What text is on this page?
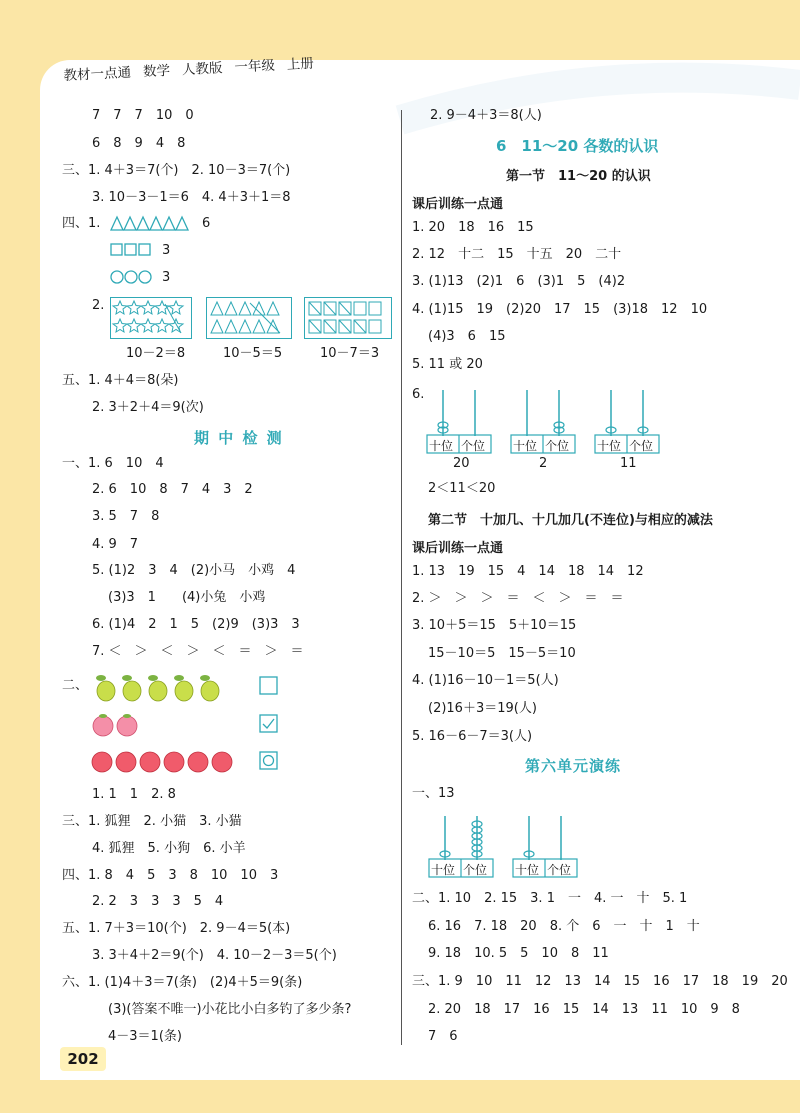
教材一点通 数学 人教版 一年级 上册
7　7　7　10　0
6　8　9　4　8
三、1. 4＋3＝7(个)　2. 10－3＝7(个)
3. 10－3－1＝6　4. 4＋3＋1＝8
四、1.	6
3
3
2.
10－2＝8	10－5＝5	10－7＝3
五、1. 4＋4＝8(朵)
2. 3＋2＋4＝9(次)
期 中 检 测
一、1. 6　10　4
2. 6　10　8　7　4　3　2
3. 5　7　8
4. 9　7
5. (1)2　3　4　(2)小马　小鸡　4
(3)3　1　　(4)小兔　小鸡
6. (1)4　2　1　5　(2)9　(3)3　3
7. ＜　＞　＜　＞　＜　＝　＞　＝
二、
1. 1　1　2. 8
三、1. 狐狸　2. 小猫　3. 小猫
4. 狐狸　5. 小狗　6. 小羊
四、1. 8　4　5　3　8　10　10　3
2. 2　3　3　3　5　4
五、1. 7＋3＝10(个)　2. 9－4＝5(本)
3. 3＋4＋2＝9(个)　4. 10－2－3＝5(个)
六、1. (1)4＋3＝7(条)　(2)4＋5＝9(条)
(3)(答案不唯一)小花比小白多钓了多少条?
4－3＝1(条)
202
2. 9－4＋3＝8(人)
6　11～20 各数的认识
第一节　11～20 的认识
课后训练一点通
1. 20　18　16　15
2. 12　十二　15　十五　20　二十
3. (1)13　(2)1　6　(3)1　5　(4)2
4. (1)15　19　(2)20　17　15　(3)18　12　10
(4)3　6　15
5. 11 或 20
6.
十位 个位
20
十位 个位
2
十位 个位
11
2＜11＜20
第二节　十加几、十几加几(不连位)与相应的减法
课后训练一点通
1. 13　19　15　4　14　18　14　12
2. ＞　＞　＞　＝　＜　＞　＝　＝
3. 10＋5＝15　5＋10＝15
15－10＝5　15－5＝10
4. (1)16－10－1＝5(人)
(2)16＋3＝19(人)
5. 16－6－7＝3(人)
第六单元演练
一、13
十位 个位 十位 个位
二、1. 10　2. 15　3. 1　一　4. 一　十　5. 1
6. 16　7. 18　20　8. 个　6　一　十　1　十
9. 18　10. 5　5　10　8　11
三、1. 9　10　11　12　13　14　15　16　17　18　19　20
2. 20　18　17　16　15　14　13　11　10　9　8
7　6
